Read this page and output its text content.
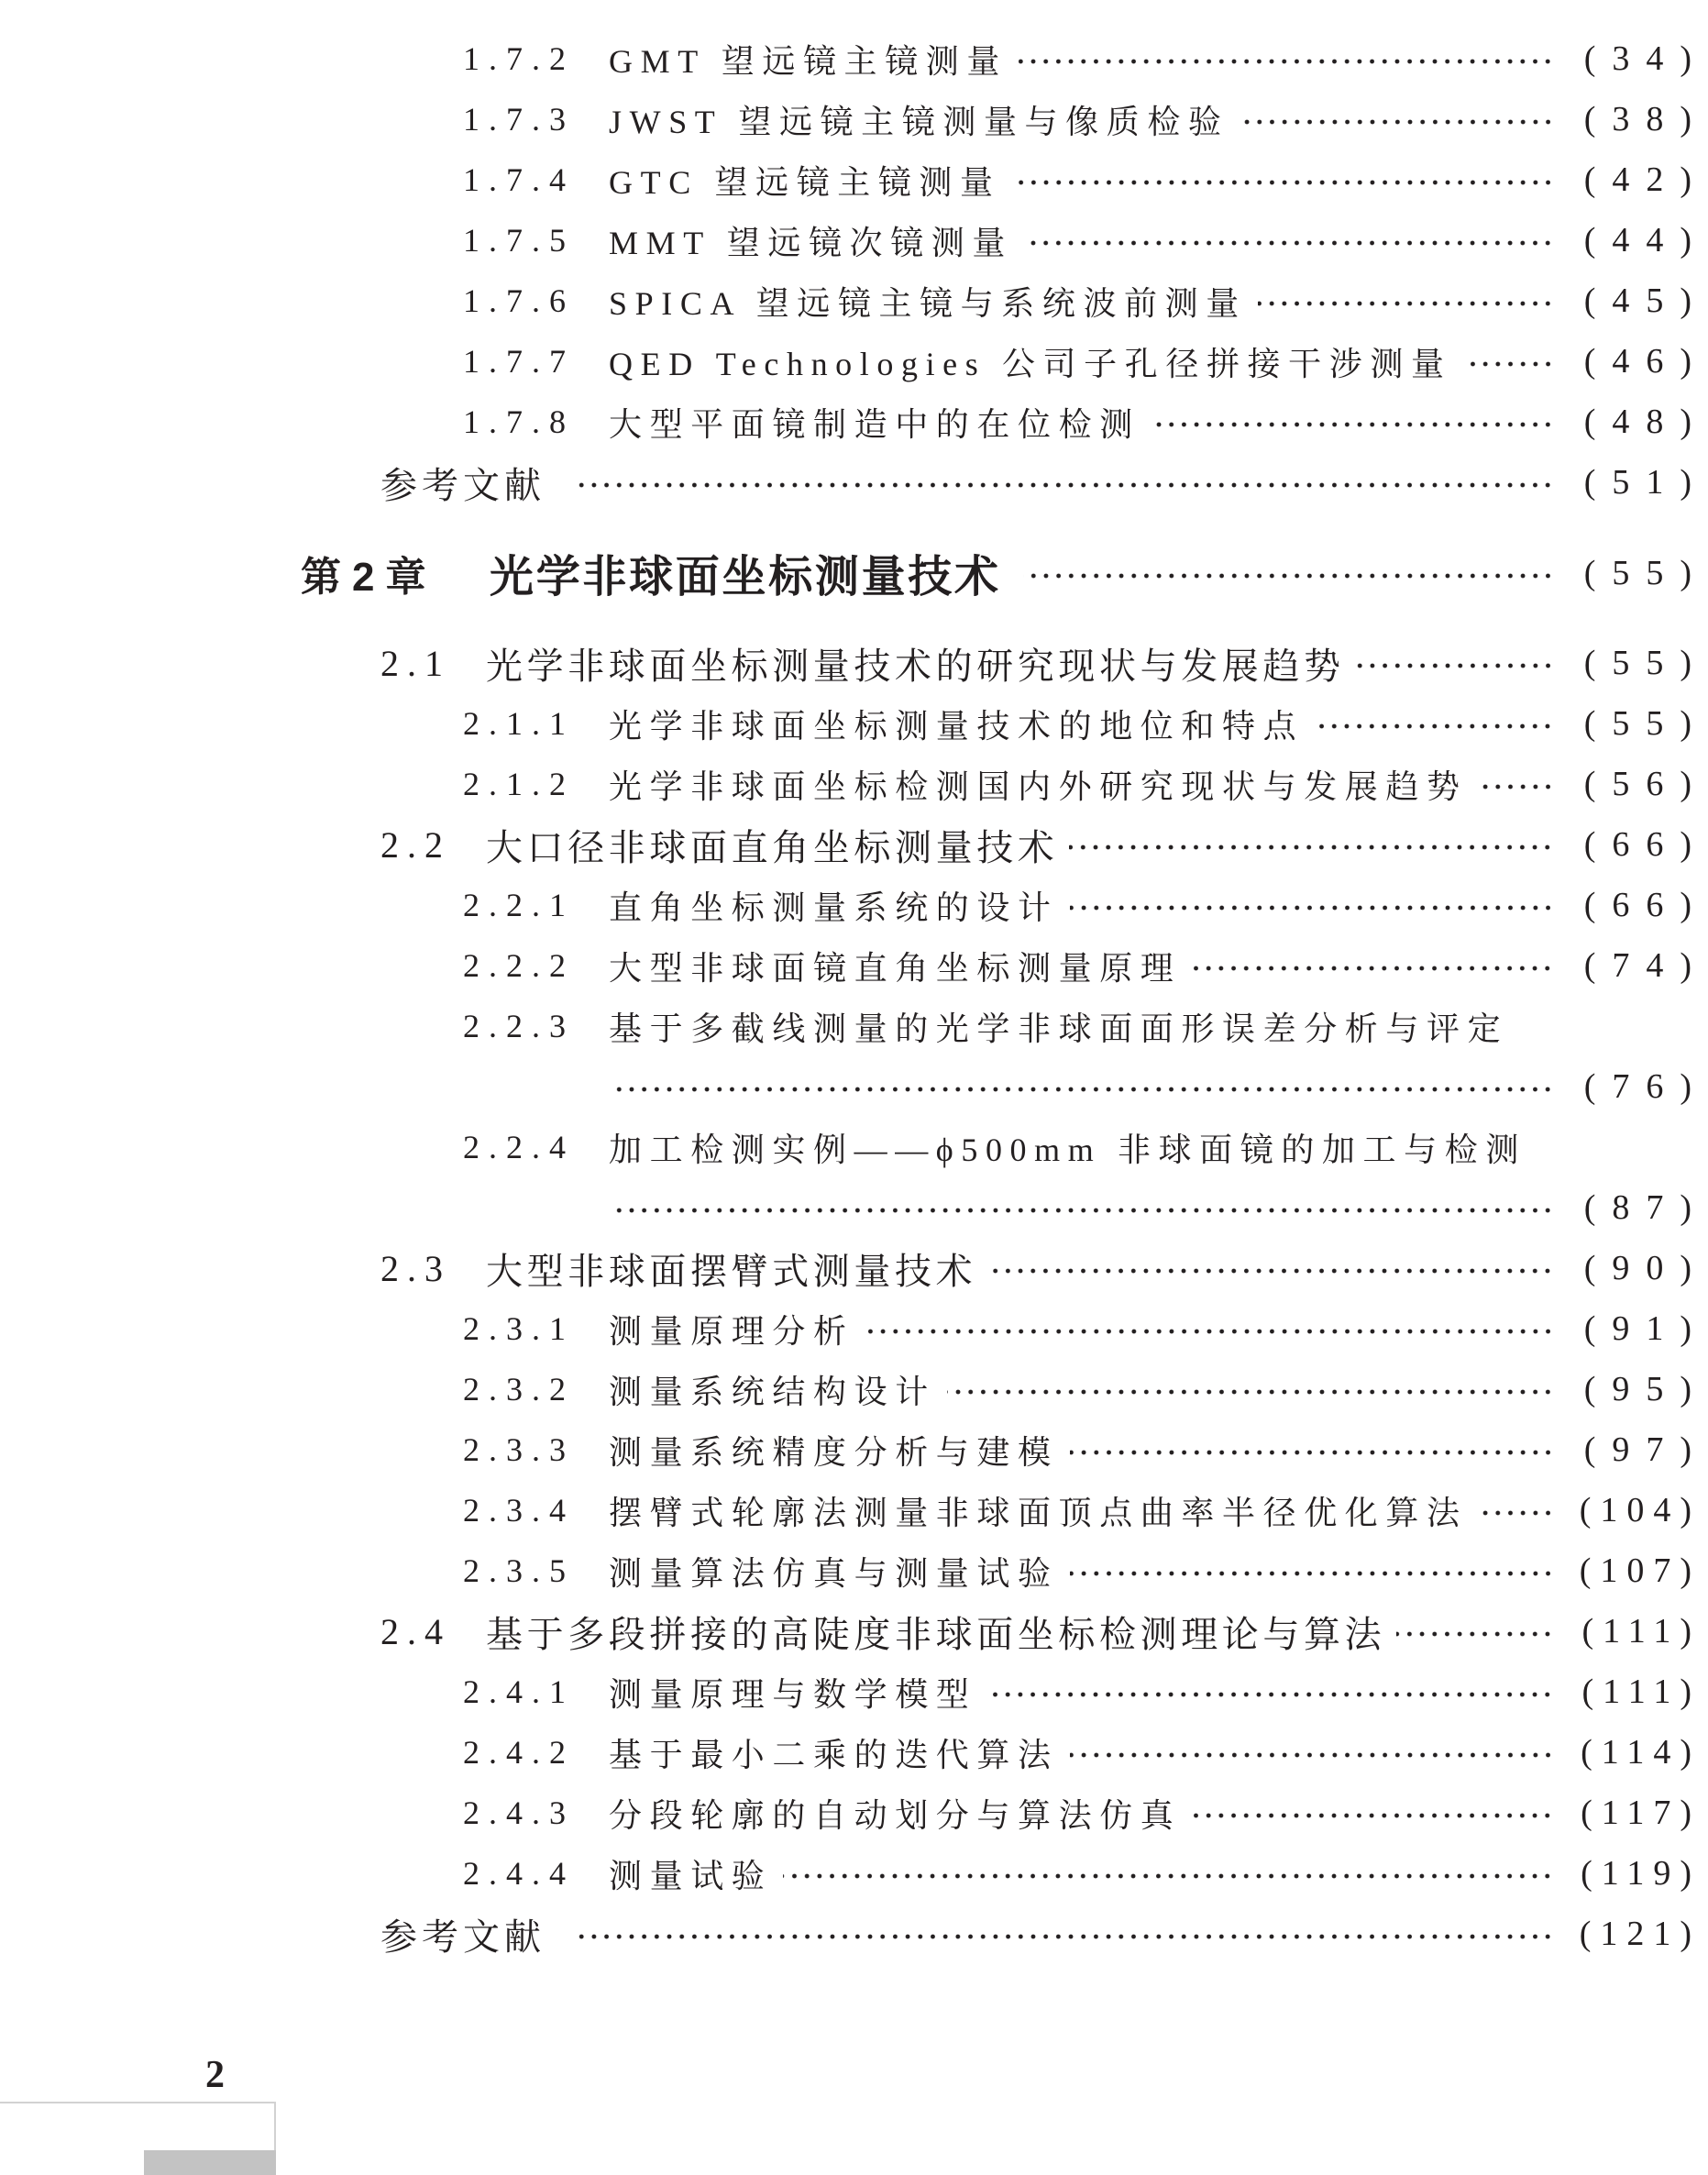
1.7.2	GMT 望远镜主镜测量	(34)
1.7.3	JWST 望远镜主镜测量与像质检验	(38)
1.7.4	GTC 望远镜主镜测量	(42)
1.7.5	MMT 望远镜次镜测量	(44)
1.7.6	SPICA 望远镜主镜与系统波前测量	(45)
1.7.7	QED Technologies 公司子孔径拼接干涉测量	(46)
1.7.8	大型平面镜制造中的在位检测	(48)
参考文献	(51)
第2章	光学非球面坐标测量技术	(55)
2.1 光学非球面坐标测量技术的研究现状与发展趋势	(55)
2.1.1	光学非球面坐标测量技术的地位和特点	(55)
2.1.2	光学非球面坐标检测国内外研究现状与发展趋势	(56)
2.2 大口径非球面直角坐标测量技术	(66)
2.2.1	直角坐标测量系统的设计	(66)
2.2.2	大型非球面镜直角坐标测量原理	(74)
2.2.3	基于多截线测量的光学非球面面形误差分析与评定
(76)
2.2.4	加工检测实例——ϕ500mm 非球面镜的加工与检测
(87)
2.3 大型非球面摆臂式测量技术	(90)
2.3.1	测量原理分析	(91)
2.3.2	测量系统结构设计	(95)
2.3.3	测量系统精度分析与建模	(97)
2.3.4	摆臂式轮廓法测量非球面顶点曲率半径优化算法	(104)
2.3.5	测量算法仿真与测量试验	(107)
2.4 基于多段拼接的高陡度非球面坐标检测理论与算法	(111)
2.4.1	测量原理与数学模型	(111)
2.4.2	基于最小二乘的迭代算法	(114)
2.4.3	分段轮廓的自动划分与算法仿真	(117)
2.4.4	测量试验	(119)
参考文献	(121)
2
